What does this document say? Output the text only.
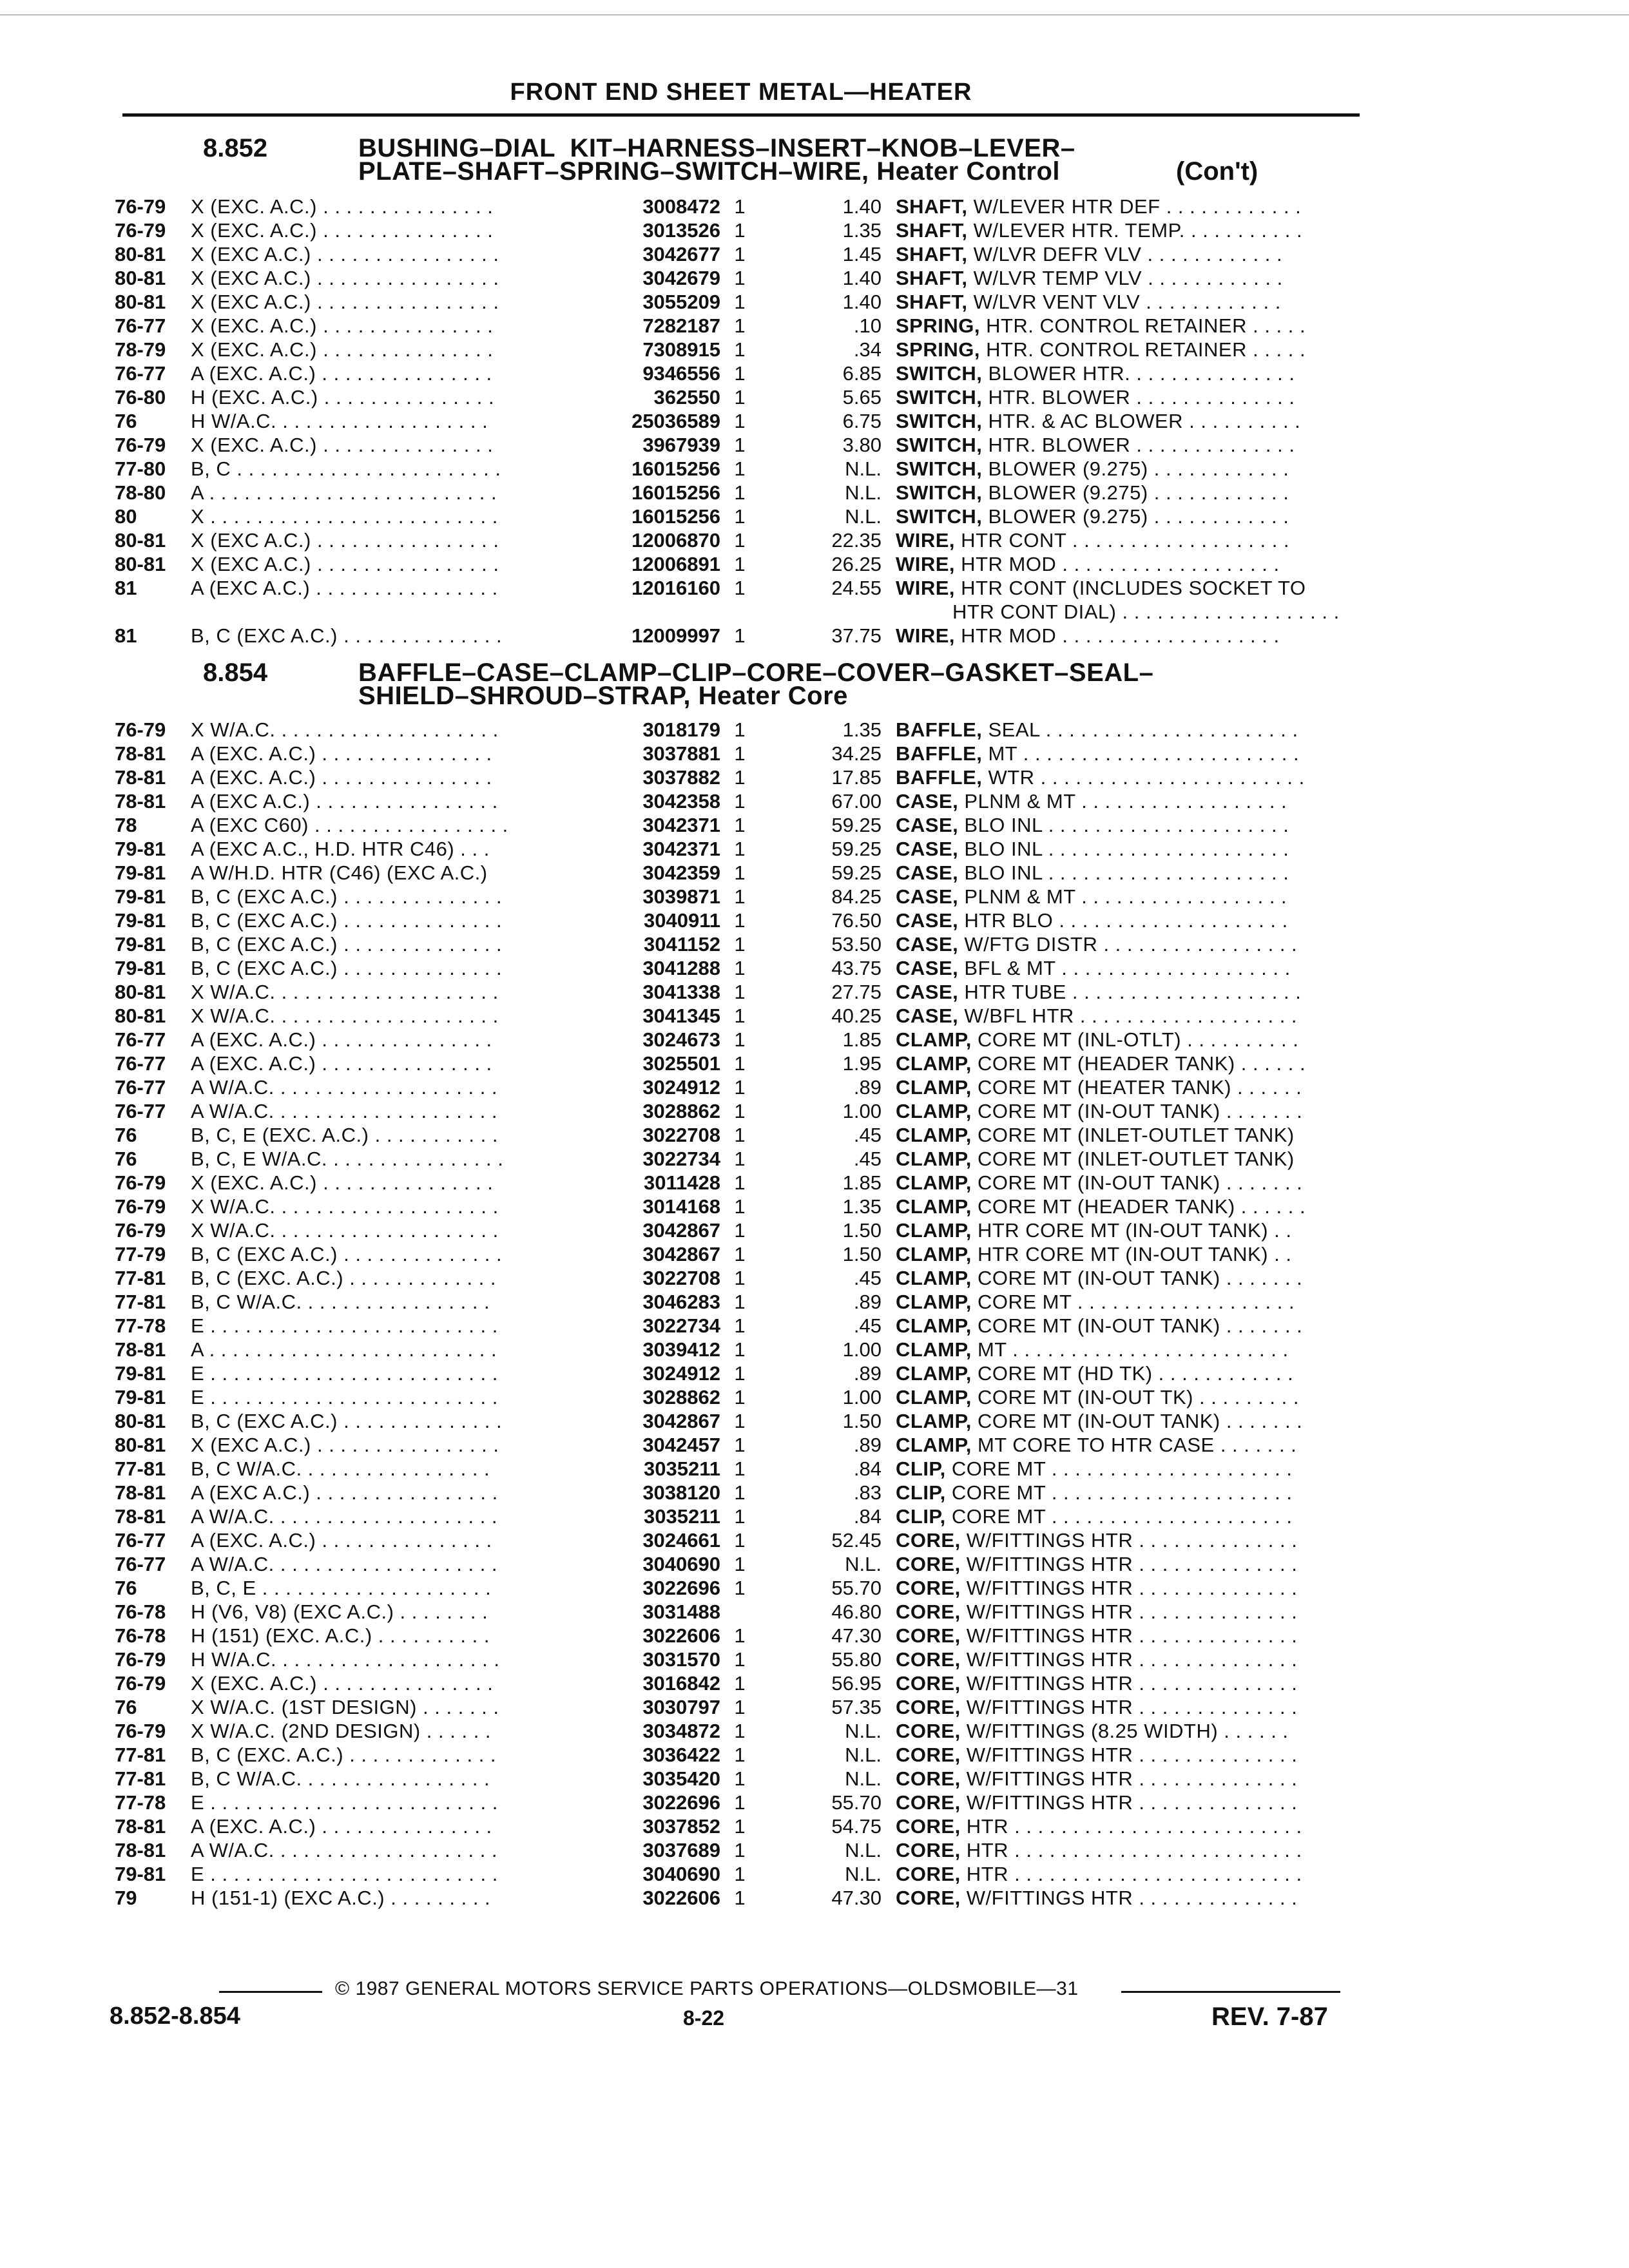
FRONT END SHEET METAL—HEATER
8.852	BUSHING–DIAL  KIT–HARNESS–INSERT–KNOB–LEVER–
PLATE–SHAFT–SPRING–SWITCH–WIRE, Heater Control	(Con't)
76-79	X (EXC. A.C.) . . . . . . . . . . . . . . .	3008472 1	1.40 SHAFT, W/LEVER HTR DEF . . . . . . . . . . . .
76-79	X (EXC. A.C.) . . . . . . . . . . . . . . .	3013526 1	1.35 SHAFT, W/LEVER HTR. TEMP. . . . . . . . . . .
80-81	X (EXC A.C.) . . . . . . . . . . . . . . . .	3042677 1	1.45 SHAFT, W/LVR DEFR VLV . . . . . . . . . . . .
80-81	X (EXC A.C.) . . . . . . . . . . . . . . . .	3042679 1	1.40 SHAFT, W/LVR TEMP VLV . . . . . . . . . . . .
80-81	X (EXC A.C.) . . . . . . . . . . . . . . . .	3055209 1	1.40 SHAFT, W/LVR VENT VLV . . . . . . . . . . . .
76-77	X (EXC. A.C.) . . . . . . . . . . . . . . .	7282187 1	.10 SPRING, HTR. CONTROL RETAINER . . . . .
78-79	X (EXC. A.C.) . . . . . . . . . . . . . . .	7308915 1	.34 SPRING, HTR. CONTROL RETAINER . . . . .
76-77	A (EXC. A.C.) . . . . . . . . . . . . . . .	9346556 1	6.85 SWITCH, BLOWER HTR. . . . . . . . . . . . . . .
76-80	H (EXC. A.C.) . . . . . . . . . . . . . . .	362550 1	5.65 SWITCH, HTR. BLOWER . . . . . . . . . . . . . .
76	H W/A.C. . . . . . . . . . . . . . . . . . .	25036589 1	6.75 SWITCH, HTR. & AC BLOWER . . . . . . . . . .
76-79	X (EXC. A.C.) . . . . . . . . . . . . . . .	3967939 1	3.80 SWITCH, HTR. BLOWER . . . . . . . . . . . . . .
77-80	B, C . . . . . . . . . . . . . . . . . . . . . . .	16015256 1	N.L. SWITCH, BLOWER (9.275) . . . . . . . . . . . .
78-80	A . . . . . . . . . . . . . . . . . . . . . . . . .	16015256 1	N.L. SWITCH, BLOWER (9.275) . . . . . . . . . . . .
80	X . . . . . . . . . . . . . . . . . . . . . . . . .	16015256 1	N.L. SWITCH, BLOWER (9.275) . . . . . . . . . . . .
80-81	X (EXC A.C.) . . . . . . . . . . . . . . . .	12006870 1	22.35 WIRE, HTR CONT . . . . . . . . . . . . . . . . . . .
80-81	X (EXC A.C.) . . . . . . . . . . . . . . . .	12006891 1	26.25 WIRE, HTR MOD . . . . . . . . . . . . . . . . . . .
81	A (EXC A.C.) . . . . . . . . . . . . . . . .	12016160 1	24.55 WIRE, HTR CONT (INCLUDES SOCKET TO
HTR CONT DIAL) . . . . . . . . . . . . . . . . . . .
81	B, C (EXC A.C.) . . . . . . . . . . . . . .	12009997 1	37.75 WIRE, HTR MOD . . . . . . . . . . . . . . . . . . .
8.854	BAFFLE–CASE–CLAMP–CLIP–CORE–COVER–GASKET–SEAL–
SHIELD–SHROUD–STRAP, Heater Core
76-79	X W/A.C. . . . . . . . . . . . . . . . . . . .	3018179 1	1.35 BAFFLE, SEAL . . . . . . . . . . . . . . . . . . . . . .
78-81	A (EXC. A.C.) . . . . . . . . . . . . . . .	3037881 1	34.25 BAFFLE, MT . . . . . . . . . . . . . . . . . . . . . . . .
78-81	A (EXC. A.C.) . . . . . . . . . . . . . . .	3037882 1	17.85 BAFFLE, WTR . . . . . . . . . . . . . . . . . . . . . . .
78-81	A (EXC A.C.) . . . . . . . . . . . . . . . .	3042358 1	67.00 CASE, PLNM & MT . . . . . . . . . . . . . . . . . .
78	A (EXC C60) . . . . . . . . . . . . . . . . .	3042371 1	59.25 CASE, BLO INL . . . . . . . . . . . . . . . . . . . . .
79-81	A (EXC A.C., H.D. HTR C46) . . .	3042371 1	59.25 CASE, BLO INL . . . . . . . . . . . . . . . . . . . . .
79-81	A W/H.D. HTR (C46) (EXC A.C.)	3042359 1	59.25 CASE, BLO INL . . . . . . . . . . . . . . . . . . . . .
79-81	B, C (EXC A.C.) . . . . . . . . . . . . . .	3039871 1	84.25 CASE, PLNM & MT . . . . . . . . . . . . . . . . . .
79-81	B, C (EXC A.C.) . . . . . . . . . . . . . .	3040911 1	76.50 CASE, HTR BLO . . . . . . . . . . . . . . . . . . . .
79-81	B, C (EXC A.C.) . . . . . . . . . . . . . .	3041152 1	53.50 CASE, W/FTG DISTR . . . . . . . . . . . . . . . . .
79-81	B, C (EXC A.C.) . . . . . . . . . . . . . .	3041288 1	43.75 CASE, BFL & MT . . . . . . . . . . . . . . . . . . . .
80-81	X W/A.C. . . . . . . . . . . . . . . . . . . .	3041338 1	27.75 CASE, HTR TUBE . . . . . . . . . . . . . . . . . . . .
80-81	X W/A.C. . . . . . . . . . . . . . . . . . . .	3041345 1	40.25 CASE, W/BFL HTR . . . . . . . . . . . . . . . . . . .
76-77	A (EXC. A.C.) . . . . . . . . . . . . . . .	3024673 1	1.85 CLAMP, CORE MT (INL-OTLT) . . . . . . . . . .
76-77	A (EXC. A.C.) . . . . . . . . . . . . . . .	3025501 1	1.95 CLAMP, CORE MT (HEADER TANK) . . . . . .
76-77	A W/A.C. . . . . . . . . . . . . . . . . . . .	3024912 1	.89 CLAMP, CORE MT (HEATER TANK) . . . . . .
76-77	A W/A.C. . . . . . . . . . . . . . . . . . . .	3028862 1	1.00 CLAMP, CORE MT (IN-OUT TANK) . . . . . . .
76	B, C, E (EXC. A.C.) . . . . . . . . . . .	3022708 1	.45 CLAMP, CORE MT (INLET-OUTLET TANK)
76	B, C, E W/A.C. . . . . . . . . . . . . . . .	3022734 1	.45 CLAMP, CORE MT (INLET-OUTLET TANK)
76-79	X (EXC. A.C.) . . . . . . . . . . . . . . .	3011428 1	1.85 CLAMP, CORE MT (IN-OUT TANK) . . . . . . .
76-79	X W/A.C. . . . . . . . . . . . . . . . . . . .	3014168 1	1.35 CLAMP, CORE MT (HEADER TANK) . . . . . .
76-79	X W/A.C. . . . . . . . . . . . . . . . . . . .	3042867 1	1.50 CLAMP, HTR CORE MT (IN-OUT TANK) . .
77-79	B, C (EXC A.C.) . . . . . . . . . . . . . .	3042867 1	1.50 CLAMP, HTR CORE MT (IN-OUT TANK) . .
77-81	B, C (EXC. A.C.) . . . . . . . . . . . . .	3022708 1	.45 CLAMP, CORE MT (IN-OUT TANK) . . . . . . .
77-81	B, C W/A.C. . . . . . . . . . . . . . . . .	3046283 1	.89 CLAMP, CORE MT . . . . . . . . . . . . . . . . . . .
77-78	E . . . . . . . . . . . . . . . . . . . . . . . . .	3022734 1	.45 CLAMP, CORE MT (IN-OUT TANK) . . . . . . .
78-81	A . . . . . . . . . . . . . . . . . . . . . . . . .	3039412 1	1.00 CLAMP, MT . . . . . . . . . . . . . . . . . . . . . . . .
79-81	E . . . . . . . . . . . . . . . . . . . . . . . . .	3024912 1	.89 CLAMP, CORE MT (HD TK) . . . . . . . . . . . .
79-81	E . . . . . . . . . . . . . . . . . . . . . . . . .	3028862 1	1.00 CLAMP, CORE MT (IN-OUT TK) . . . . . . . . .
80-81	B, C (EXC A.C.) . . . . . . . . . . . . . .	3042867 1	1.50 CLAMP, CORE MT (IN-OUT TANK) . . . . . . .
80-81	X (EXC A.C.) . . . . . . . . . . . . . . . .	3042457 1	.89 CLAMP, MT CORE TO HTR CASE . . . . . . .
77-81	B, C W/A.C. . . . . . . . . . . . . . . . .	3035211 1	.84 CLIP, CORE MT . . . . . . . . . . . . . . . . . . . . .
78-81	A (EXC A.C.) . . . . . . . . . . . . . . . .	3038120 1	.83 CLIP, CORE MT . . . . . . . . . . . . . . . . . . . . .
78-81	A W/A.C. . . . . . . . . . . . . . . . . . . .	3035211 1	.84 CLIP, CORE MT . . . . . . . . . . . . . . . . . . . . .
76-77	A (EXC. A.C.) . . . . . . . . . . . . . . .	3024661 1	52.45 CORE, W/FITTINGS HTR . . . . . . . . . . . . . .
76-77	A W/A.C. . . . . . . . . . . . . . . . . . . .	3040690 1	N.L. CORE, W/FITTINGS HTR . . . . . . . . . . . . . .
76	B, C, E . . . . . . . . . . . . . . . . . . . .	3022696 1	55.70 CORE, W/FITTINGS HTR . . . . . . . . . . . . . .
76-78	H (V6, V8) (EXC A.C.) . . . . . . . .	3031488	46.80 CORE, W/FITTINGS HTR . . . . . . . . . . . . . .
76-78	H (151) (EXC. A.C.) . . . . . . . . . .	3022606 1	47.30 CORE, W/FITTINGS HTR . . . . . . . . . . . . . .
76-79	H W/A.C. . . . . . . . . . . . . . . . . . . .	3031570 1	55.80 CORE, W/FITTINGS HTR . . . . . . . . . . . . . .
76-79	X (EXC. A.C.) . . . . . . . . . . . . . . .	3016842 1	56.95 CORE, W/FITTINGS HTR . . . . . . . . . . . . . .
76	X W/A.C. (1ST DESIGN) . . . . . . .	3030797 1	57.35 CORE, W/FITTINGS HTR . . . . . . . . . . . . . .
76-79	X W/A.C. (2ND DESIGN) . . . . . .	3034872 1	N.L. CORE, W/FITTINGS (8.25 WIDTH) . . . . . .
77-81	B, C (EXC. A.C.) . . . . . . . . . . . . .	3036422 1	N.L. CORE, W/FITTINGS HTR . . . . . . . . . . . . . .
77-81	B, C W/A.C. . . . . . . . . . . . . . . . .	3035420 1	N.L. CORE, W/FITTINGS HTR . . . . . . . . . . . . . .
77-78	E . . . . . . . . . . . . . . . . . . . . . . . . .	3022696 1	55.70 CORE, W/FITTINGS HTR . . . . . . . . . . . . . .
78-81	A (EXC. A.C.) . . . . . . . . . . . . . . .	3037852 1	54.75 CORE, HTR . . . . . . . . . . . . . . . . . . . . . . . . .
78-81	A W/A.C. . . . . . . . . . . . . . . . . . . .	3037689 1	N.L. CORE, HTR . . . . . . . . . . . . . . . . . . . . . . . . .
79-81	E . . . . . . . . . . . . . . . . . . . . . . . . .	3040690 1	N.L. CORE, HTR . . . . . . . . . . . . . . . . . . . . . . . . .
79	H (151-1) (EXC A.C.) . . . . . . . . .	3022606 1	47.30 CORE, W/FITTINGS HTR . . . . . . . . . . . . . .
© 1987 GENERAL MOTORS SERVICE PARTS OPERATIONS—OLDSMOBILE—31
8.852-8.854	8-22	REV. 7-87
